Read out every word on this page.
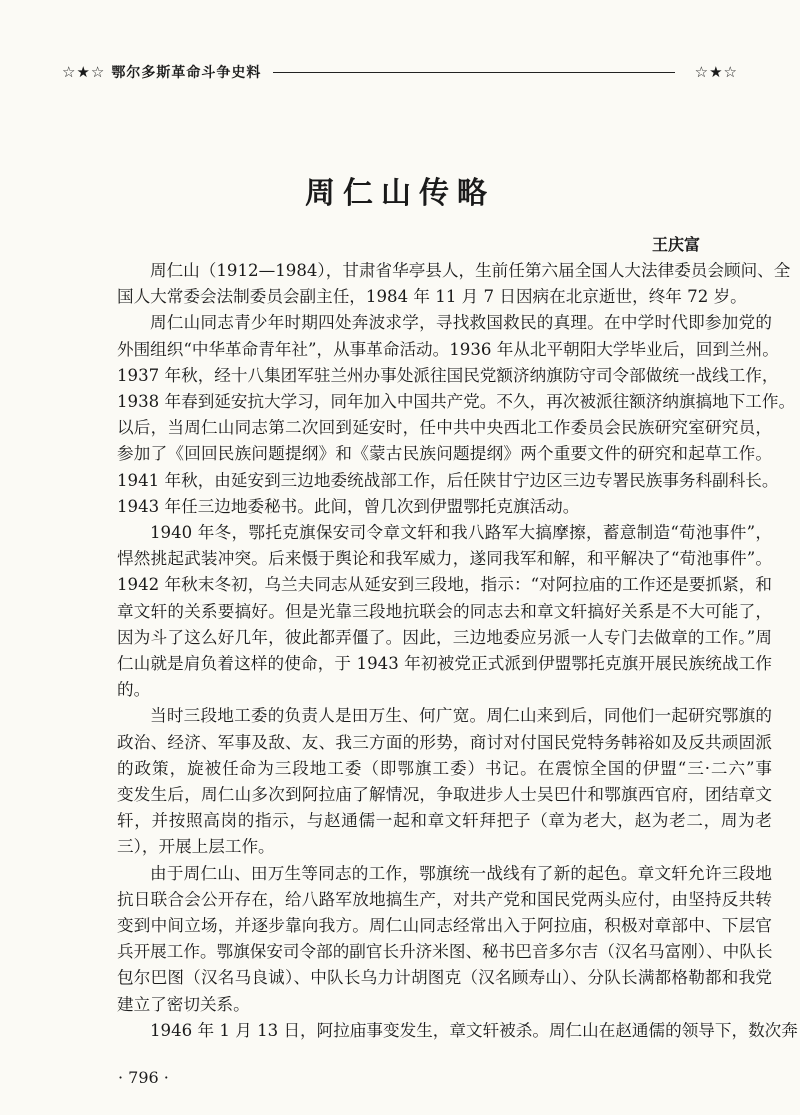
☆★☆ 鄂尔多斯革命斗争史料	☆★☆
周仁山传略
王庆富
周仁山（1912—1984），甘肃省华亭县人，生前任第六届全国人大法律委员会顾问、全
国人大常委会法制委员会副主任，1984 年 11 月 7 日因病在北京逝世，终年 72 岁。
周仁山同志青少年时期四处奔波求学，寻找救国救民的真理。在中学时代即参加党的
外围组织“中华革命青年社”，从事革命活动。1936 年从北平朝阳大学毕业后，回到兰州。
1937 年秋，经十八集团军驻兰州办事处派往国民党额济纳旗防守司令部做统一战线工作，
1938 年春到延安抗大学习，同年加入中国共产党。不久，再次被派往额济纳旗搞地下工作。
以后，当周仁山同志第二次回到延安时，任中共中央西北工作委员会民族研究室研究员，
参加了《回回民族问题提纲》和《蒙古民族问题提纲》两个重要文件的研究和起草工作。
1941 年秋，由延安到三边地委统战部工作，后任陕甘宁边区三边专署民族事务科副科长。
1943 年任三边地委秘书。此间，曾几次到伊盟鄂托克旗活动。
1940 年冬，鄂托克旗保安司令章文轩和我八路军大搞摩擦，蓄意制造“荀池事件”，
悍然挑起武装冲突。后来慑于舆论和我军威力，遂同我军和解，和平解决了“荀池事件”。
1942 年秋末冬初，乌兰夫同志从延安到三段地，指示：“对阿拉庙的工作还是要抓紧，和
章文轩的关系要搞好。但是光靠三段地抗联会的同志去和章文轩搞好关系是不大可能了，
因为斗了这么好几年，彼此都弄僵了。因此，三边地委应另派一人专门去做章的工作。”周
仁山就是肩负着这样的使命，于 1943 年初被党正式派到伊盟鄂托克旗开展民族统战工作
的。
当时三段地工委的负责人是田万生、何广宽。周仁山来到后，同他们一起研究鄂旗的
政治、经济、军事及敌、友、我三方面的形势，商讨对付国民党特务韩裕如及反共顽固派
的政策，旋被任命为三段地工委（即鄂旗工委）书记。在震惊全国的伊盟“三·二六”事
变发生后，周仁山多次到阿拉庙了解情况，争取进步人士吴巴什和鄂旗西官府，团结章文
轩，并按照高岗的指示，与赵通儒一起和章文轩拜把子（章为老大，赵为老二，周为老
三），开展上层工作。
由于周仁山、田万生等同志的工作，鄂旗统一战线有了新的起色。章文轩允许三段地
抗日联合会公开存在，给八路军放地搞生产，对共产党和国民党两头应付，由坚持反共转
变到中间立场，并逐步靠向我方。周仁山同志经常出入于阿拉庙，积极对章部中、下层官
兵开展工作。鄂旗保安司令部的副官长升济米图、秘书巴音多尔吉（汉名马富刚）、中队长
包尔巴图（汉名马良诚）、中队长乌力计胡图克（汉名顾寿山）、分队长满都格勒都和我党
建立了密切关系。
1946 年 1 月 13 日，阿拉庙事变发生，章文轩被杀。周仁山在赵通儒的领导下，数次奔
· 796 ·
